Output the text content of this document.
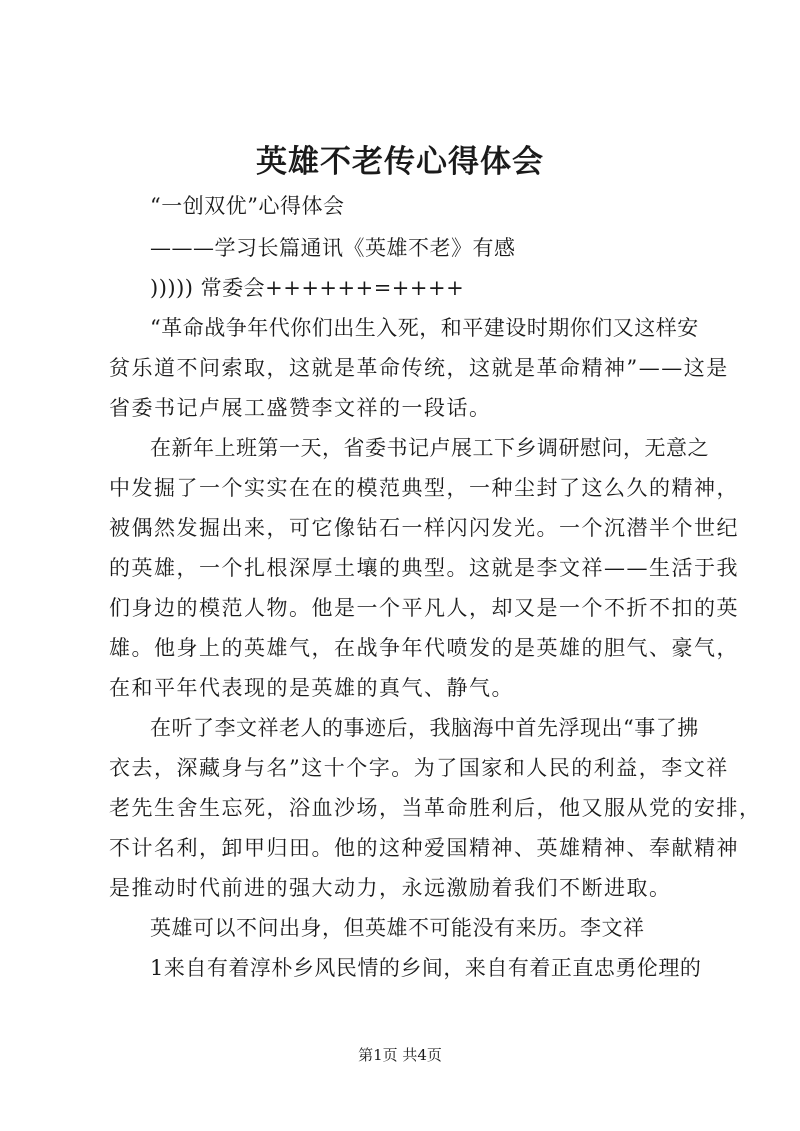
英雄不老传心得体会
“一创双优”心得体会
———学习长篇通讯《英雄不老》有感
))))) 常委会++++++=++++
“革命战争年代你们出生入死，和平建设时期你们又这样安
贫乐道不问索取，这就是革命传统，这就是革命精神”——这是
省委书记卢展工盛赞李文祥的一段话。
在新年上班第一天，省委书记卢展工下乡调研慰问，无意之
中发掘了一个实实在在的模范典型，一种尘封了这么久的精神，
被偶然发掘出来，可它像钻石一样闪闪发光。一个沉潜半个世纪
的英雄，一个扎根深厚土壤的典型。这就是李文祥——生活于我
们身边的模范人物。他是一个平凡人，却又是一个不折不扣的英
雄。他身上的英雄气，在战争年代喷发的是英雄的胆气、豪气，
在和平年代表现的是英雄的真气、静气。
在听了李文祥老人的事迹后，我脑海中首先浮现出“事了拂
衣去，深藏身与名”这十个字。为了国家和人民的利益，李文祥
老先生舍生忘死，浴血沙场，当革命胜利后，他又服从党的安排，
不计名利，卸甲归田。他的这种爱国精神、英雄精神、奉献精神
是推动时代前进的强大动力，永远激励着我们不断进取。
英雄可以不问出身，但英雄不可能没有来历。李文祥
1来自有着淳朴乡风民情的乡间，来自有着正直忠勇伦理的
第1页 共4页
